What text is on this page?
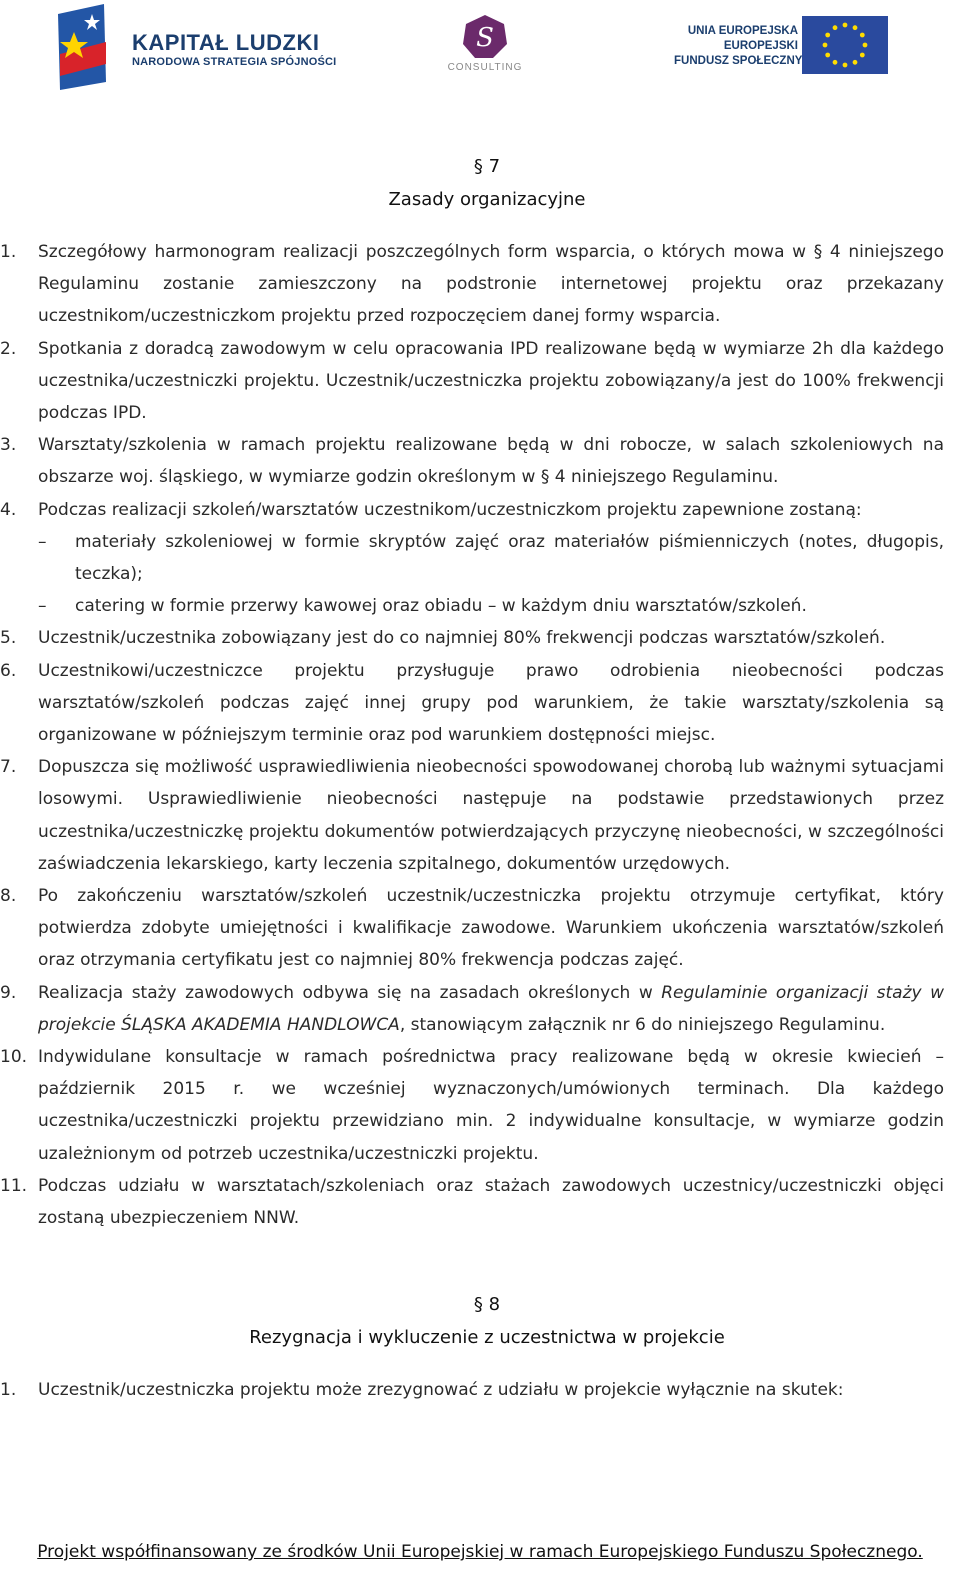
KAPITAŁ LUDZKI
NARODOWA STRATEGIA SPÓJNOŚCI
S
CONSULTING
UNIA EUROPEJSKA
EUROPEJSKI
FUNDUSZ SPOŁECZNY
§ 7
Zasady organizacyjne
1.	Szczegółowy harmonogram realizacji poszczególnych form wsparcia, o których mowa w § 4 niniejszego Regulaminu zostanie zamieszczony na podstronie internetowej projektu oraz przekazany uczestnikom/uczestniczkom projektu przed rozpoczęciem danej formy wsparcia.
2.	Spotkania z doradcą zawodowym w celu opracowania IPD realizowane będą w wymiarze 2h dla każdego uczestnika/uczestniczki projektu. Uczestnik/uczestniczka projektu zobowiązany/a jest do 100% frekwencji podczas IPD.
3.	Warsztaty/szkolenia w ramach projektu realizowane będą w dni robocze, w salach szkoleniowych na obszarze woj. śląskiego, w wymiarze godzin określonym w § 4 niniejszego Regulaminu.
4.	Podczas realizacji szkoleń/warsztatów uczestnikom/uczestniczkom projektu zapewnione zostaną:
– materiały szkoleniowej w formie skryptów zajęć oraz materiałów piśmienniczych (notes, długopis, teczka);
– catering w formie przerwy kawowej oraz obiadu – w każdym dniu warsztatów/szkoleń.
5.	Uczestnik/uczestnika zobowiązany jest do co najmniej 80% frekwencji podczas warsztatów/szkoleń.
6.	Uczestnikowi/uczestniczce projektu przysługuje prawo odrobienia nieobecności podczas warsztatów/szkoleń podczas zajęć innej grupy pod warunkiem, że takie warsztaty/szkolenia są organizowane w późniejszym terminie oraz pod warunkiem dostępności miejsc.
7.	Dopuszcza się możliwość usprawiedliwienia nieobecności spowodowanej chorobą lub ważnymi sytuacjami losowymi. Usprawiedliwienie nieobecności następuje na podstawie przedstawionych przez uczestnika/uczestniczkę projektu dokumentów potwierdzających przyczynę nieobecności, w szczególności zaświadczenia lekarskiego, karty leczenia szpitalnego, dokumentów urzędowych.
8.	Po zakończeniu warsztatów/szkoleń uczestnik/uczestniczka projektu otrzymuje certyfikat, który potwierdza zdobyte umiejętności i kwalifikacje zawodowe. Warunkiem ukończenia warsztatów/szkoleń oraz otrzymania certyfikatu jest co najmniej 80% frekwencja podczas zajęć.
9.	Realizacja staży zawodowych odbywa się na zasadach określonych w Regulaminie organizacji staży w projekcie ŚLĄSKA AKADEMIA HANDLOWCA, stanowiącym załącznik nr 6 do niniejszego Regulaminu.
10. Indywidulane konsultacje w ramach pośrednictwa pracy realizowane będą w okresie kwiecień – październik 2015 r. we wcześniej wyznaczonych/umówionych terminach. Dla każdego uczestnika/uczestniczki projektu przewidziano min. 2 indywidualne konsultacje, w wymiarze godzin uzależnionym od potrzeb uczestnika/uczestniczki projektu.
11. Podczas udziału w warsztatach/szkoleniach oraz stażach zawodowych uczestnicy/uczestniczki objęci zostaną ubezpieczeniem NNW.
§ 8
Rezygnacja i wykluczenie z uczestnictwa w projekcie
1.	Uczestnik/uczestniczka projektu może zrezygnować z udziału w projekcie wyłącznie na skutek:
Projekt współfinansowany ze środków Unii Europejskiej w ramach Europejskiego Funduszu Społecznego.
